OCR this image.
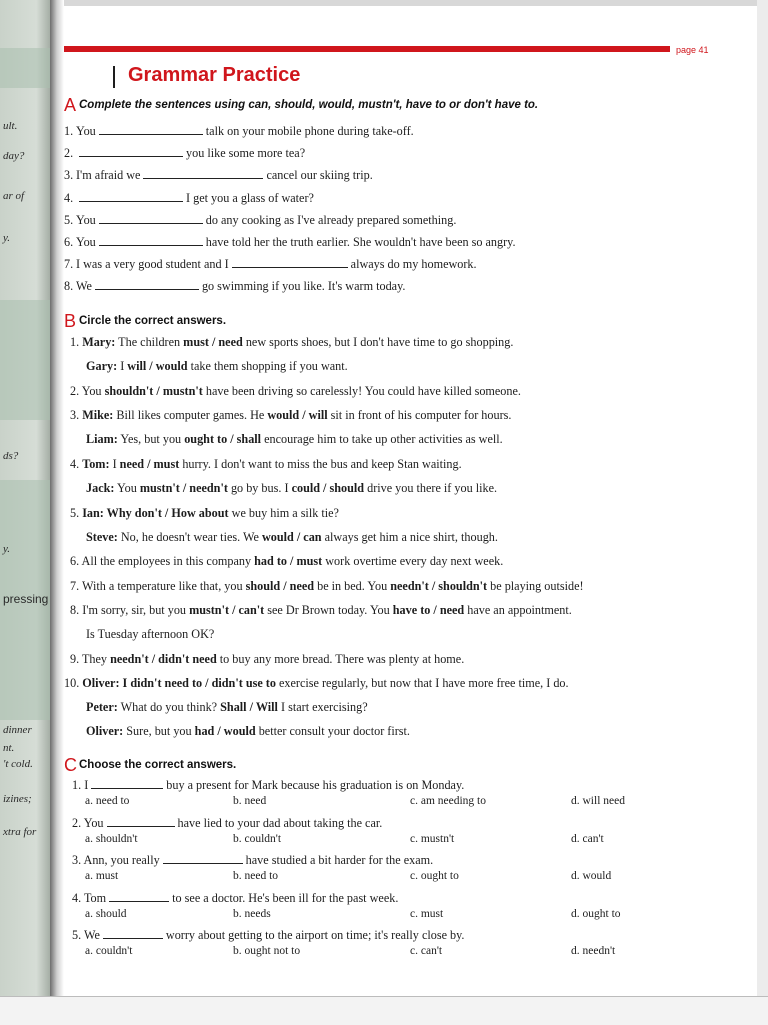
ult.
day?
ar of
y.
ds?
y.
pressing
dinner
nt.
't cold.
izines;
xtra for
page 41
Grammar Practice
A Complete the sentences using can, should, would, mustn't, have to or don't have to.
1.You	talk on your mobile phone during take-off.
2.	you like some more tea?
3.I'm afraid we	cancel our skiing trip.
4.	I get you a glass of water?
5.You	do any cooking as I've already prepared something.
6.You	have told her the truth earlier. She wouldn't have been so angry.
7.I was a very good student and I	always do my homework.
8.We	go swimming if you like. It's warm today.
B Circle the correct answers.
1. Mary: The children must / need new sports shoes, but I don't have time to go shopping.
Gary: I will / would take them shopping if you want.
2. You shouldn't / mustn't have been driving so carelessly! You could have killed someone.
3. Mike: Bill likes computer games. He would / will sit in front of his computer for hours.
Liam: Yes, but you ought to / shall encourage him to take up other activities as well.
4. Tom: I need / must hurry. I don't want to miss the bus and keep Stan waiting.
Jack: You mustn't / needn't go by bus. I could / should drive you there if you like.
5. Ian: Why don't / How about we buy him a silk tie?
Steve: No, he doesn't wear ties. We would / can always get him a nice shirt, though.
6. All the employees in this company had to / must work overtime every day next week.
7. With a temperature like that, you should / need be in bed. You needn't / shouldn't be playing outside!
8. I'm sorry, sir, but you mustn't / can't see Dr Brown today. You have to / need have an appointment.
Is Tuesday afternoon OK?
9. They needn't / didn't need to buy any more bread. There was plenty at home.
10. Oliver: I didn't need to / didn't use to exercise regularly, but now that I have more free time, I do.
Peter: What do you think? Shall / Will I start exercising?
Oliver: Sure, but you had / would better consult your doctor first.
C Choose the correct answers.
1. I	buy a present for Mark because his graduation is on Monday.
a. need to	b. need	c. am needing to	d. will need
2. You	have lied to your dad about taking the car.
a. shouldn't	b. couldn't	c. mustn't	d. can't
3. Ann, you really	have studied a bit harder for the exam.
a. must	b. need to	c. ought to	d. would
4. Tom	to see a doctor. He's been ill for the past week.
a. should	b. needs	c. must	d. ought to
5. We	worry about getting to the airport on time; it's really close by.
a. couldn't	b. ought not to	c. can't	d. needn't
